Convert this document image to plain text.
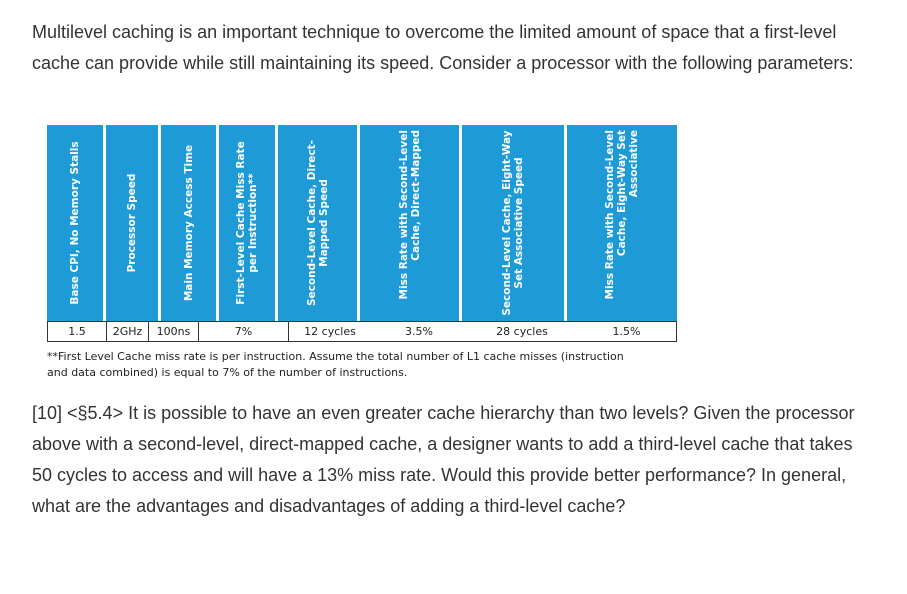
Multilevel caching is an important technique to overcome the limited amount of space that a first-level cache can provide while still maintaining its speed. Consider a processor with the following parameters:

Base CPI, No Memory Stalls	Processor Speed	Main Memory Access Time	First-Level Cache Miss Rate per Instruction**	Second-Level Cache, Direct-Mapped Speed	Miss Rate with Second-Level Cache, Direct-Mapped	Second-Level Cache, Eight-Way Set Associative Speed	Miss Rate with Second-Level Cache, Eight-Way Set Associative
1.5	2GHz	100ns	7%	12 cycles	3.5%	28 cycles	1.5%

**First Level Cache miss rate is per instruction. Assume the total number of L1 cache misses (instruction and data combined) is equal to 7% of the number of instructions.

[10] <§5.4> It is possible to have an even greater cache hierarchy than two levels? Given the processor above with a second-level, direct-mapped cache, a designer wants to add a third-level cache that takes 50 cycles to access and will have a 13% miss rate. Would this provide better performance? In general, what are the advantages and disadvantages of adding a third-level cache?
